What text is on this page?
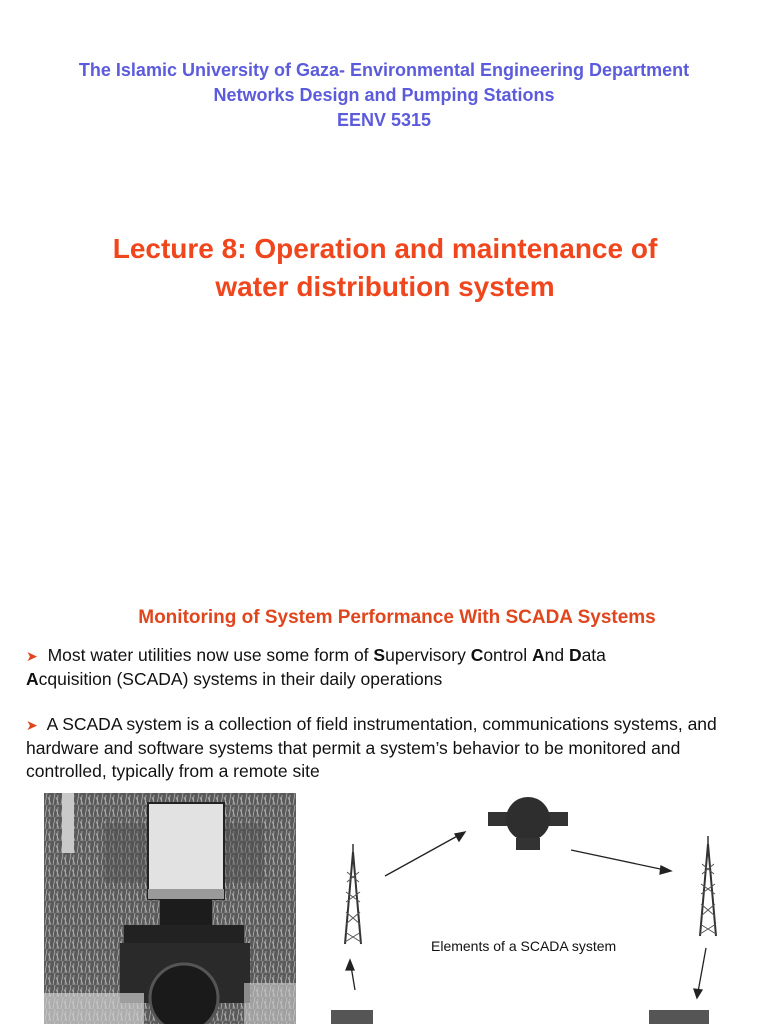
The Islamic University of Gaza- Environmental Engineering Department
Networks Design and Pumping Stations
EENV 5315
Lecture 8: Operation and maintenance of
water distribution system
Monitoring of System Performance With SCADA Systems
➤ Most water utilities now use some form of Supervisory Control And Data
Acquisition (SCADA) systems in their daily operations
➤ A SCADA system is a collection of field instrumentation, communications systems, and hardware and software systems that permit a system’s behavior to be monitored and controlled, typically from a remote site
Elements of a SCADA system
